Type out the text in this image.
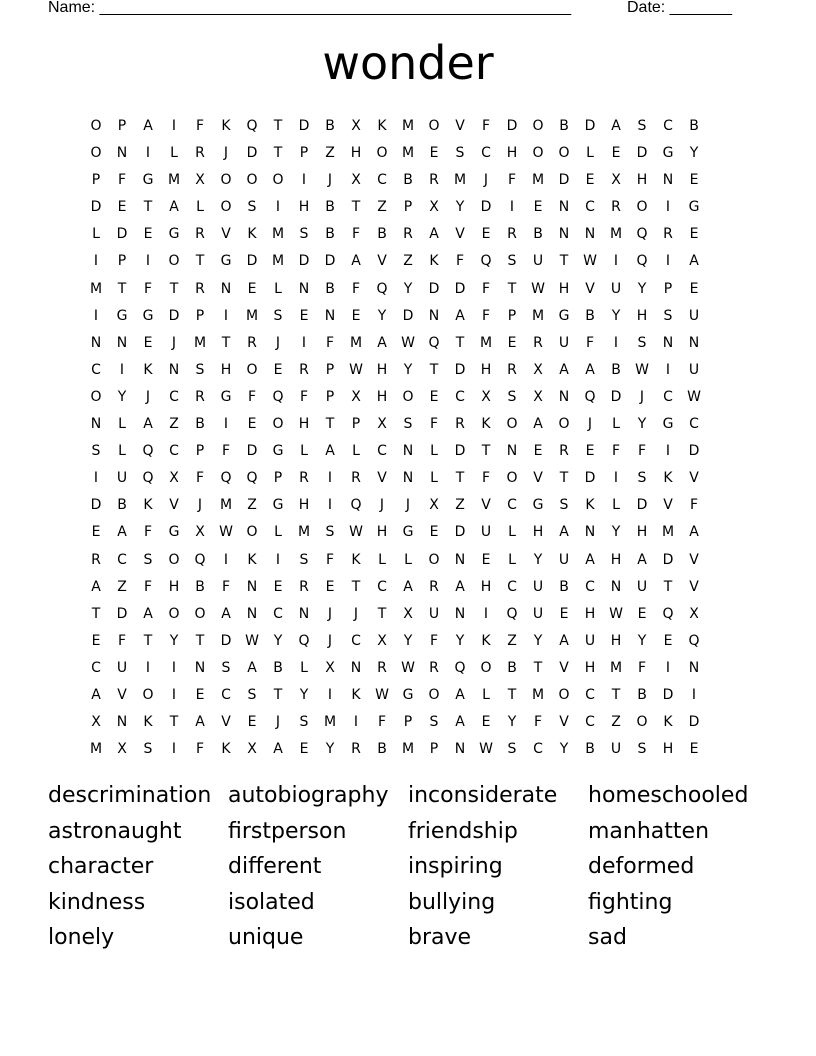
Name: _____________________________________________________	Date: _______
wonder
O	P	A	I	F	K	Q	T	D	B	X	K	M	O	V	F	D	O	B	D	A	S	C	B
O	N	I	L	R	J	D	T	P	Z	H	O	M	E	S	C	H	O	O	L	E	D	G	Y
P	F	G	M	X	O	O	O	I	J	X	C	B	R	M	J	F	M	D	E	X	H	N	E
D	E	T	A	L	O	S	I	H	B	T	Z	P	X	Y	D	I	E	N	C	R	O	I	G
L	D	E	G	R	V	K	M	S	B	F	B	R	A	V	E	R	B	N	N	M	Q	R	E
I	P	I	O	T	G	D	M	D	D	A	V	Z	K	F	Q	S	U	T	W	I	Q	I	A
M	T	F	T	R	N	E	L	N	B	F	Q	Y	D	D	F	T	W H	V	U	Y	P	E
I	G	G	D	P	I	M	S	E	N	E	Y	D	N	A	F	P	M	G	B	Y	H	S	U
N	N	E	J	M	T	R	J	I	F	M	A	W Q	T	M	E	R	U	F	I	S	N	N
C	I	K	N	S	H	O	E	R	P	W H	Y	T	D	H	R	X	A	A	B	W	I	U
O	Y	J	C	R	G	F	Q	F	P	X	H	O	E	C	X	S	X	N	Q	D	J	C	W
N	L	A	Z	B	I	E	O	H	T	P	X	S	F	R	K	O	A	O	J	L	Y	G	C
S	L	Q	C	P	F	D	G	L	A	L	C	N	L	D	T	N	E	R	E	F	F	I	D
I	U	Q	X	F	Q	Q	P	R	I	R	V	N	L	T	F	O	V	T	D	I	S	K	V
D	B	K	V	J	M	Z	G	H	I	Q	J	J	X	Z	V	C	G	S	K	L	D	V	F
E	A	F	G	X	W O	L	M	S	W H	G	E	D	U	L	H	A	N	Y	H	M	A
R	C	S	O	Q	I	K	I	S	F	K	L	L	O	N	E	L	Y	U	A	H	A	D	V
A	Z	F	H	B	F	N	E	R	E	T	C	A	R	A	H	C	U	B	C	N	U	T	V
T	D	A	O	O	A	N	C	N	J	J	T	X	U	N	I	Q	U	E	H W	E	Q	X
E	F	T	Y	T	D W	Y	Q	J	C	X	Y	F	Y	K	Z	Y	A	U	H	Y	E	Q
C	U	I	I	N	S	A	B	L	X	N	R	W	R	Q	O	B	T	V	H	M	F	I	N
A	V	O	I	E	C	S	T	Y	I	K	W G	O	A	L	T	M	O	C	T	B	D	I
X	N	K	T	A	V	E	J	S	M	I	F	P	S	A	E	Y	F	V	C	Z	O	K	D
M	X	S	I	F	K	X	A	E	Y	R	B	M	P	N W	S	C	Y	B	U	S	H	E
descrimination autobiography inconsiderate	homeschooled
astronaught	firstperson	friendship	manhatten
character	different	inspiring	deformed
kindness	isolated	bullying	fighting
lonely	unique	brave	sad
